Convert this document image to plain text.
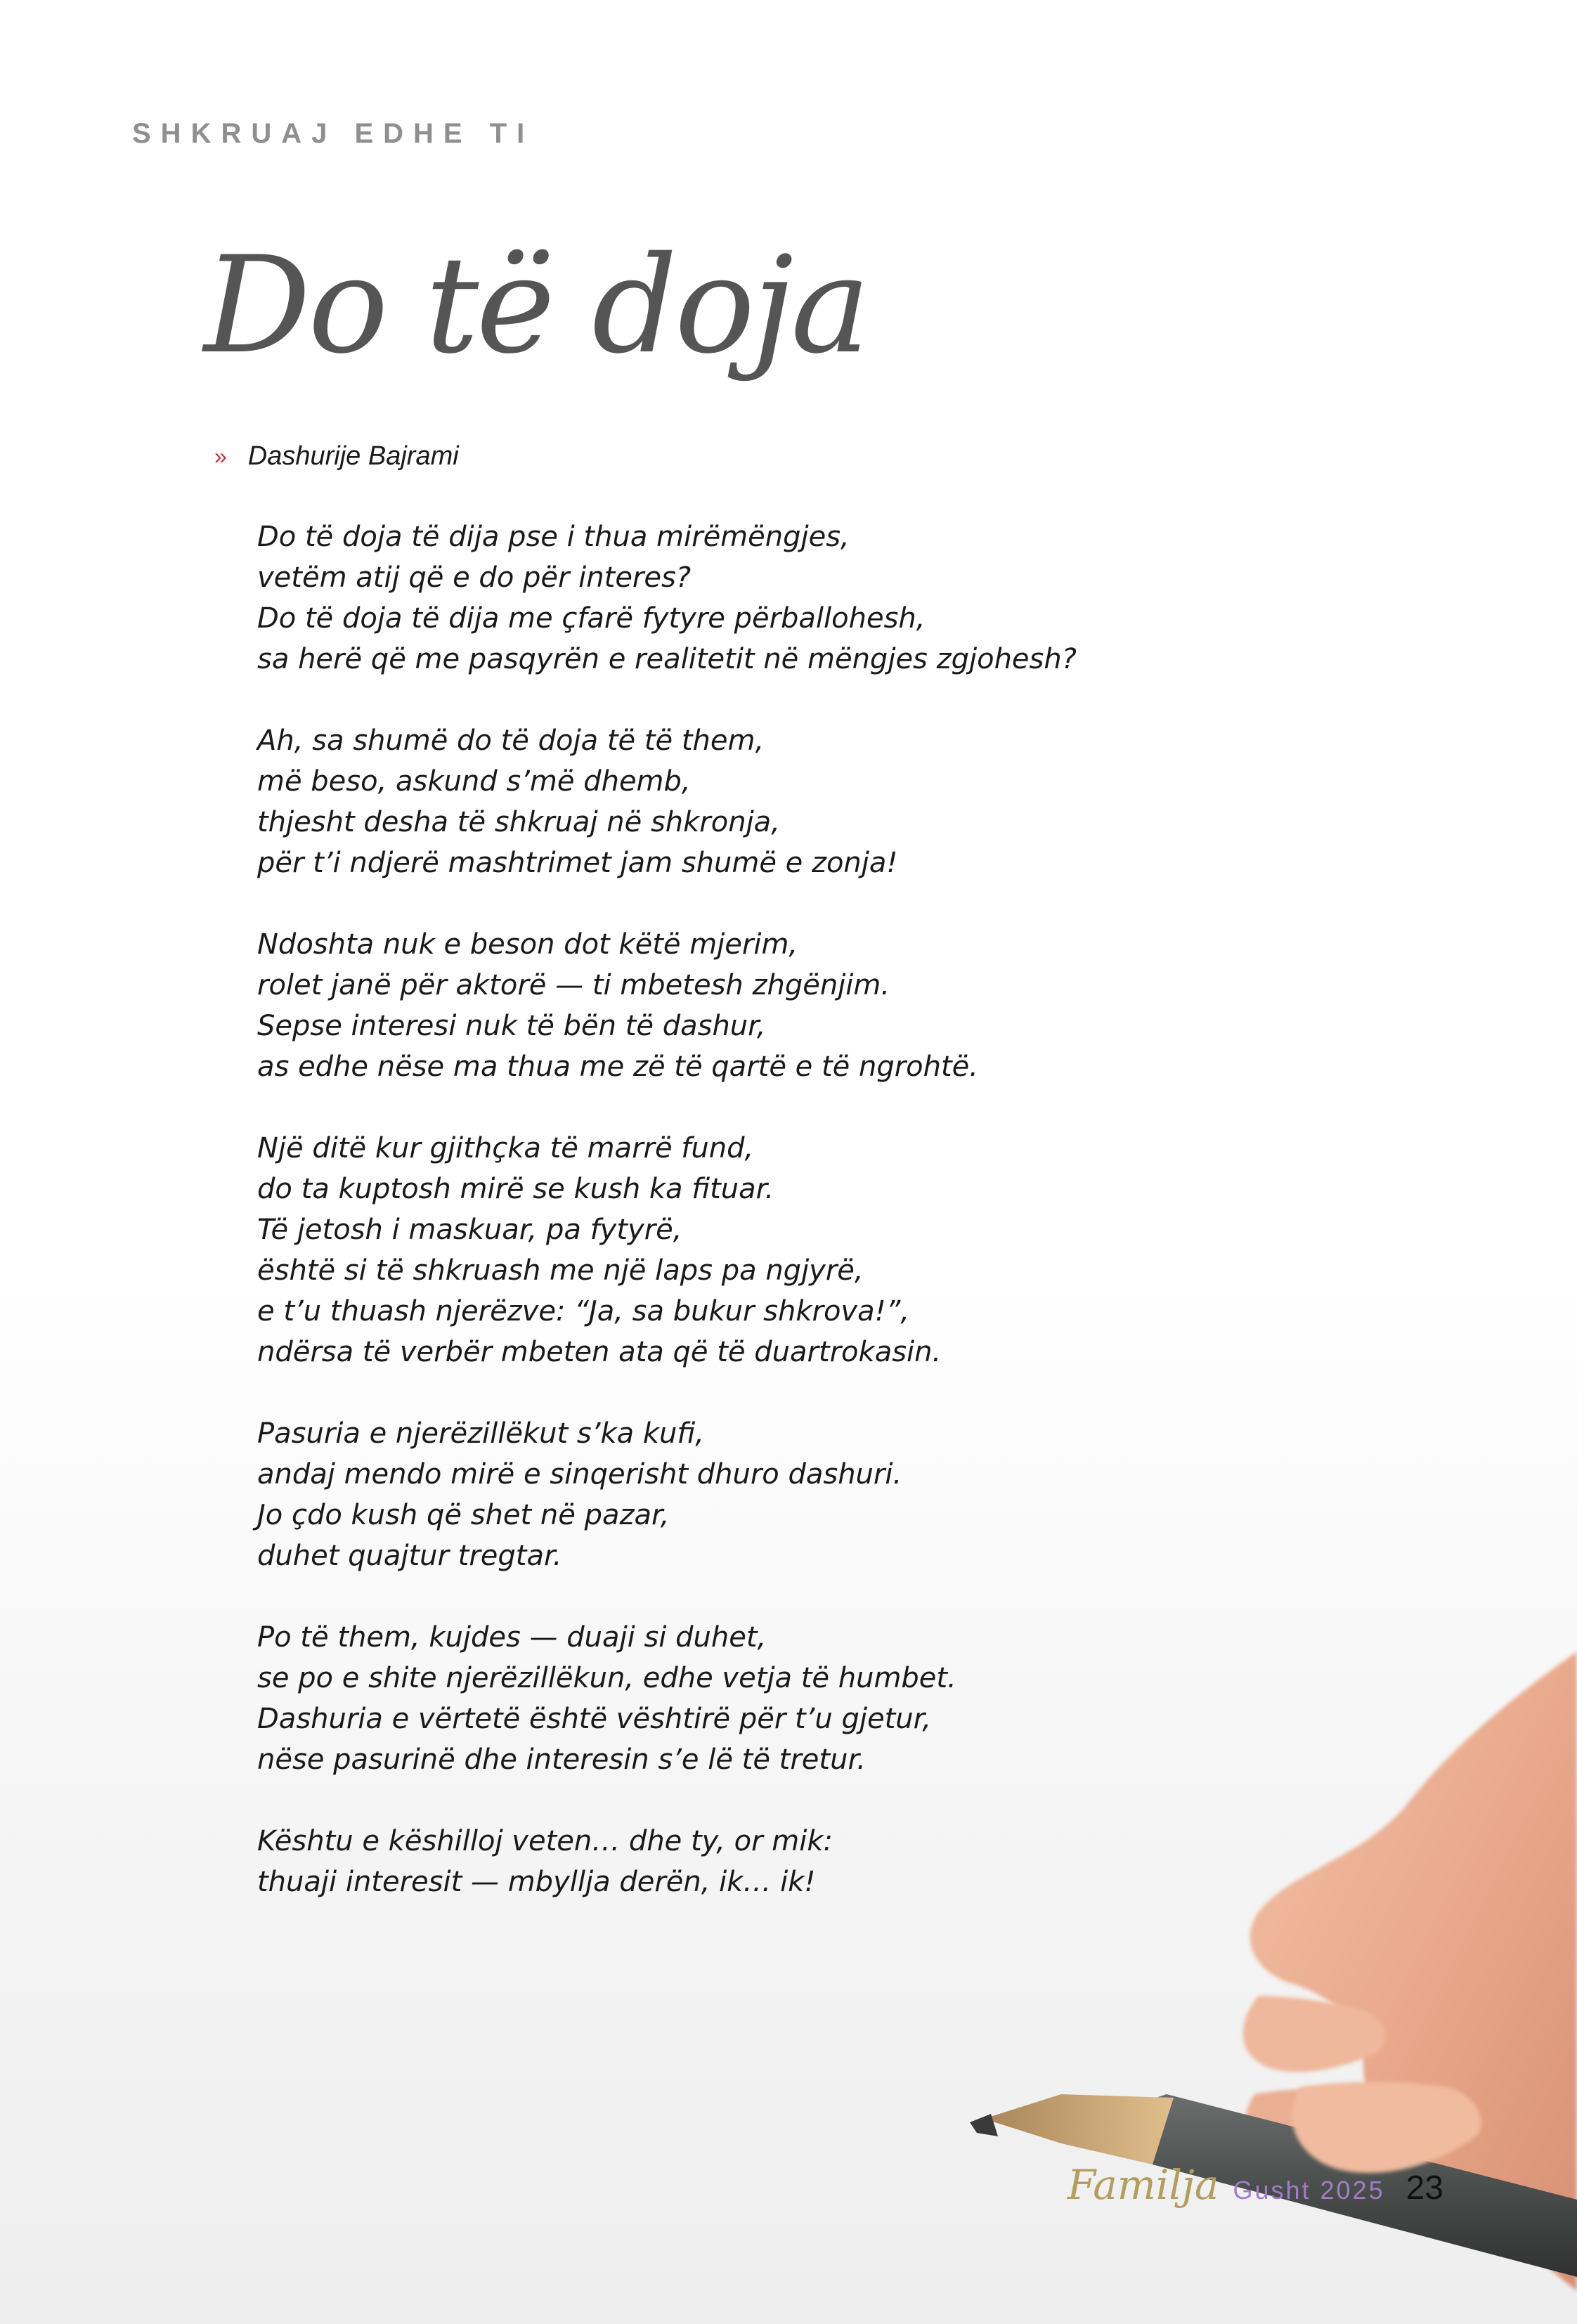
SHKRUAJ EDHE TI
Do të doja
» Dashurije Bajrami
Do të doja të dija pse i thua mirëmëngjes,
vetëm atij që e do për interes?
Do të doja të dija me çfarë fytyre përballohesh,
sa herë që me pasqyrën e realitetit në mëngjes zgjohesh?
Ah, sa shumë do të doja të të them,
më beso, askund s’më dhemb,
thjesht desha të shkruaj në shkronja,
për t’i ndjerë mashtrimet jam shumë e zonja!
Ndoshta nuk e beson dot këtë mjerim,
rolet janë për aktorë — ti mbetesh zhgënjim.
Sepse interesi nuk të bën të dashur,
as edhe nëse ma thua me zë të qartë e të ngrohtë.
Një ditë kur gjithçka të marrë fund,
do ta kuptosh mirë se kush ka fituar.
Të jetosh i maskuar, pa fytyrë,
është si të shkruash me një laps pa ngjyrë,
e t’u thuash njerëzve: “Ja, sa bukur shkrova!”,
ndërsa të verbër mbeten ata që të duartrokasin.
Pasuria e njerëzillëkut s’ka kufi,
andaj mendo mirë e sinqerisht dhuro dashuri.
Jo çdo kush që shet në pazar,
duhet quajtur tregtar.
Po të them, kujdes — duaji si duhet,
se po e shite njerëzillëkun, edhe vetja të humbet.
Dashuria e vërtetë është vështirë për t’u gjetur,
nëse pasurinë dhe interesin s’e lë të tretur.
Kështu e këshilloj veten… dhe ty, or mik:
thuaji interesit — mbyllja derën, ik… ik!
Familja Gusht 2025 23
